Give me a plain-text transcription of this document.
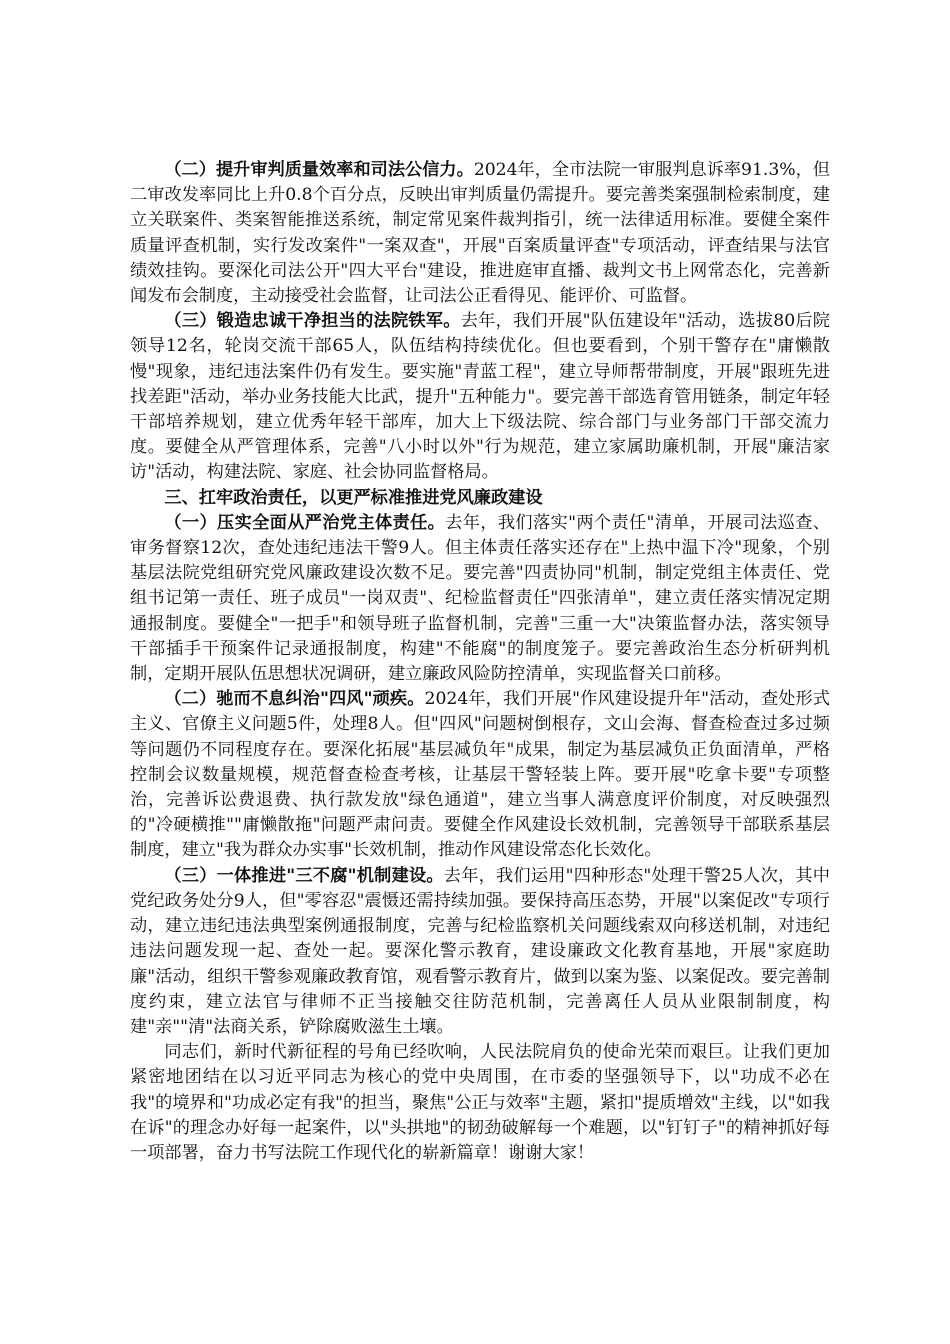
（二）提升审判质量效率和司法公信力。2024年，全市法院一审服判息诉率91.3%，但二审改发率同比上升0.8个百分点，反映出审判质量仍需提升。要完善类案强制检索制度，建立关联案件、类案智能推送系统，制定常见案件裁判指引，统一法律适用标准。要健全案件质量评查机制，实行发改案件"一案双查"，开展"百案质量评查"专项活动，评查结果与法官绩效挂钩。要深化司法公开"四大平台"建设，推进庭审直播、裁判文书上网常态化，完善新闻发布会制度，主动接受社会监督，让司法公正看得见、能评价、可监督。

（三）锻造忠诚干净担当的法院铁军。去年，我们开展"队伍建设年"活动，选拔80后院领导12名，轮岗交流干部65人，队伍结构持续优化。但也要看到，个别干警存在"庸懒散慢"现象，违纪违法案件仍有发生。要实施"青蓝工程"，建立导师帮带制度，开展"跟班先进找差距"活动，举办业务技能大比武，提升"五种能力"。要完善干部选育管用链条，制定年轻干部培养规划，建立优秀年轻干部库，加大上下级法院、综合部门与业务部门干部交流力度。要健全从严管理体系，完善"八小时以外"行为规范，建立家属助廉机制，开展"廉洁家访"活动，构建法院、家庭、社会协同监督格局。

三、扛牢政治责任，以更严标准推进党风廉政建设

（一）压实全面从严治党主体责任。去年，我们落实"两个责任"清单，开展司法巡查、审务督察12次，查处违纪违法干警9人。但主体责任落实还存在"上热中温下冷"现象，个别基层法院党组研究党风廉政建设次数不足。要完善"四责协同"机制，制定党组主体责任、党组书记第一责任、班子成员"一岗双责"、纪检监督责任"四张清单"，建立责任落实情况定期通报制度。要健全"一把手"和领导班子监督机制，完善"三重一大"决策监督办法，落实领导干部插手干预案件记录通报制度，构建"不能腐"的制度笼子。要完善政治生态分析研判机制，定期开展队伍思想状况调研，建立廉政风险防控清单，实现监督关口前移。

（二）驰而不息纠治"四风"顽疾。2024年，我们开展"作风建设提升年"活动，查处形式主义、官僚主义问题5件，处理8人。但"四风"问题树倒根存，文山会海、督查检查过多过频等问题仍不同程度存在。要深化拓展"基层减负年"成果，制定为基层减负正负面清单，严格控制会议数量规模，规范督查检查考核，让基层干警轻装上阵。要开展"吃拿卡要"专项整治，完善诉讼费退费、执行款发放"绿色通道"，建立当事人满意度评价制度，对反映强烈的"冷硬横推""庸懒散拖"问题严肃问责。要健全作风建设长效机制，完善领导干部联系基层制度，建立"我为群众办实事"长效机制，推动作风建设常态化长效化。

（三）一体推进"三不腐"机制建设。去年，我们运用"四种形态"处理干警25人次，其中党纪政务处分9人，但"零容忍"震慑还需持续加强。要保持高压态势，开展"以案促改"专项行动，建立违纪违法典型案例通报制度，完善与纪检监察机关问题线索双向移送机制，对违纪违法问题发现一起、查处一起。要深化警示教育，建设廉政文化教育基地，开展"家庭助廉"活动，组织干警参观廉政教育馆，观看警示教育片，做到以案为鉴、以案促改。要完善制度约束，建立法官与律师不正当接触交往防范机制，完善离任人员从业限制制度，构建"亲""清"法商关系，铲除腐败滋生土壤。

同志们，新时代新征程的号角已经吹响，人民法院肩负的使命光荣而艰巨。让我们更加紧密地团结在以习近平同志为核心的党中央周围，在市委的坚强领导下，以"功成不必在我"的境界和"功成必定有我"的担当，聚焦"公正与效率"主题，紧扣"提质增效"主线，以"如我在诉"的理念办好每一起案件，以"头拱地"的韧劲破解每一个难题，以"钉钉子"的精神抓好每一项部署，奋力书写法院工作现代化的崭新篇章！谢谢大家！
